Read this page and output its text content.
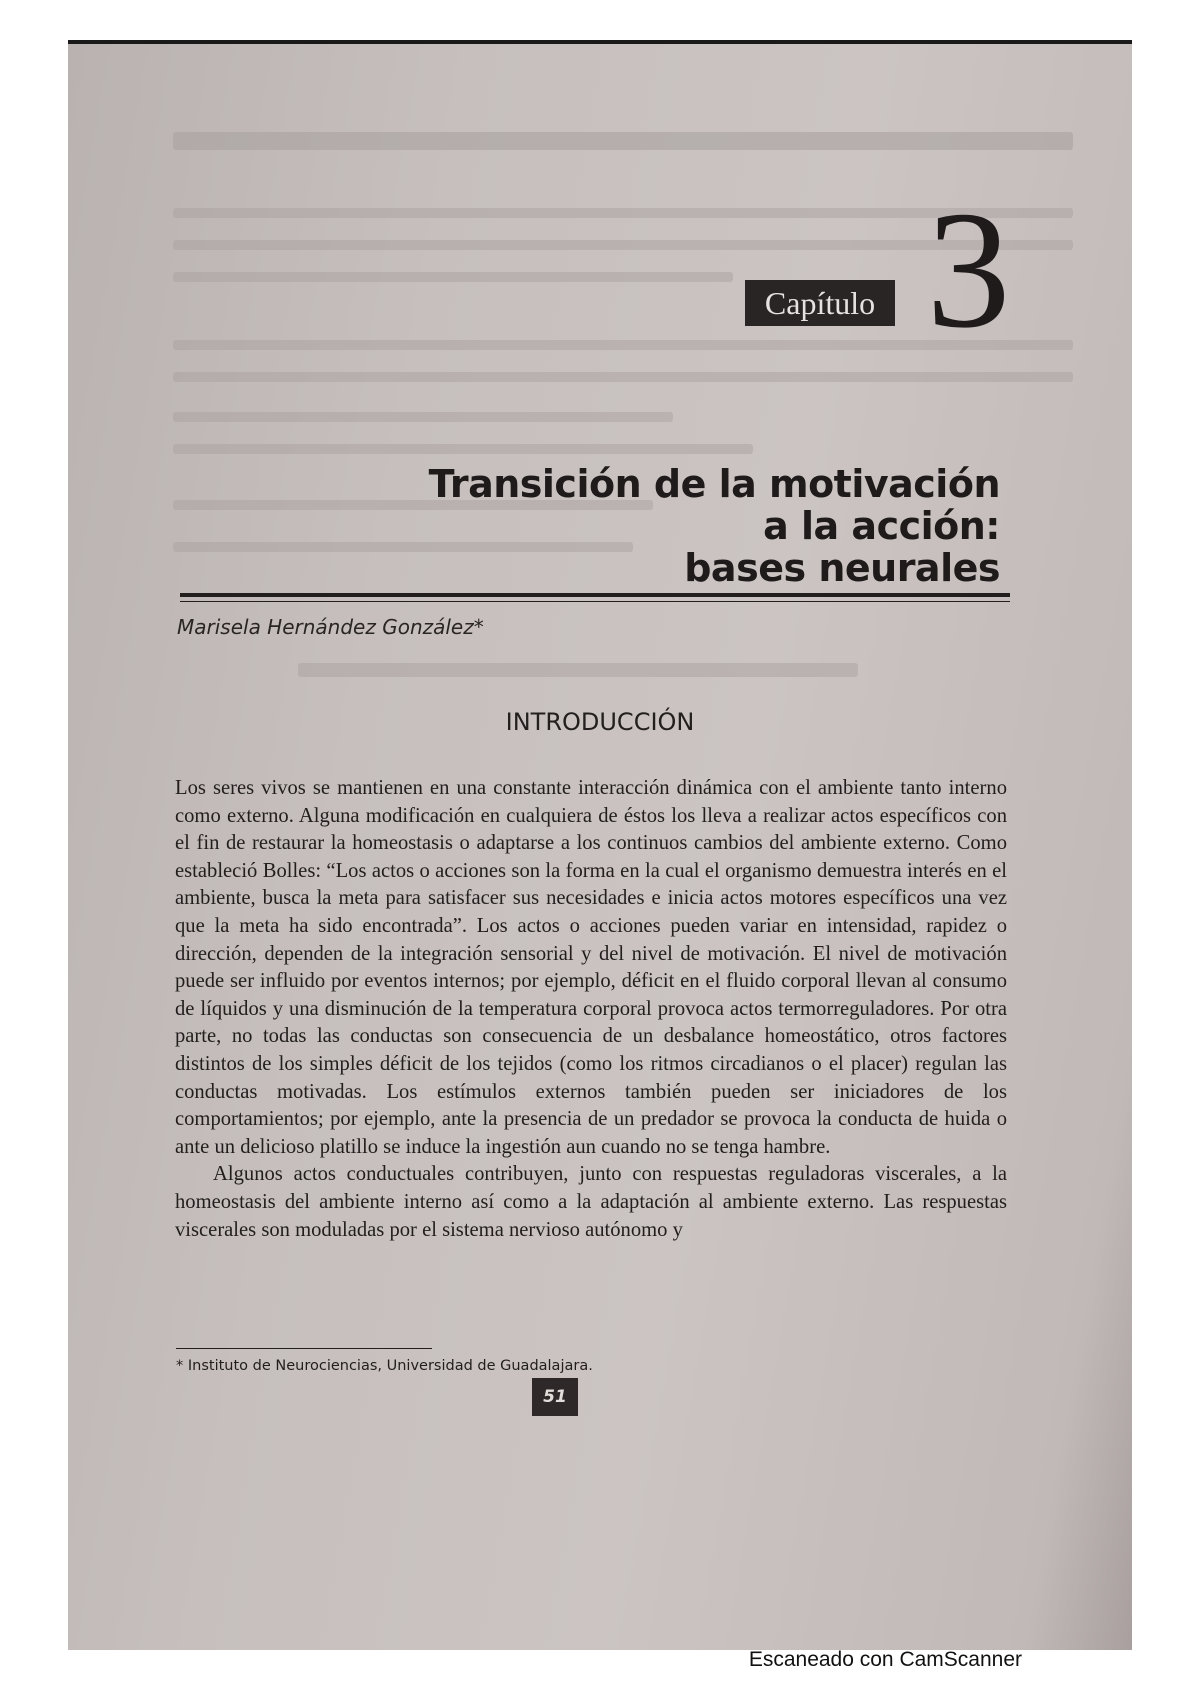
Capítulo 3
Transición de la motivación
a la acción:
bases neurales
Marisela Hernández González*
INTRODUCCIÓN

Los seres vivos se mantienen en una constante interacción dinámica con el ambiente tanto interno como externo. Alguna modificación en cualquiera de éstos los lleva a realizar actos específicos con el fin de restaurar la homeostasis o adaptarse a los continuos cambios del ambiente externo. Como estableció Bolles: “Los actos o acciones son la forma en la cual el organismo demuestra interés en el ambiente, busca la meta para satisfacer sus necesidades e inicia actos motores específicos una vez que la meta ha sido encontrada”. Los actos o acciones pueden variar en intensidad, rapidez o dirección, dependen de la integración sensorial y del nivel de motivación. El nivel de motivación puede ser influido por eventos internos; por ejemplo, déficit en el fluido corporal llevan al consumo de líquidos y una disminución de la temperatura corporal provoca actos termorreguladores. Por otra parte, no todas las conductas son consecuencia de un desbalance homeostático, otros factores distintos de los simples déficit de los tejidos (como los ritmos circadianos o el placer) regulan las conductas motivadas. Los estímulos externos también pueden ser iniciadores de los comportamientos; por ejemplo, ante la presencia de un predador se provoca la conducta de huida o ante un delicioso platillo se induce la ingestión aun cuando no se tenga hambre.

Algunos actos conductuales contribuyen, junto con respuestas reguladoras viscerales, a la homeostasis del ambiente interno así como a la adaptación al ambiente externo. Las respuestas viscerales son moduladas por el sistema nervioso autónomo y

* Instituto de Neurociencias, Universidad de Guadalajara.
51
Escaneado con CamScanner
